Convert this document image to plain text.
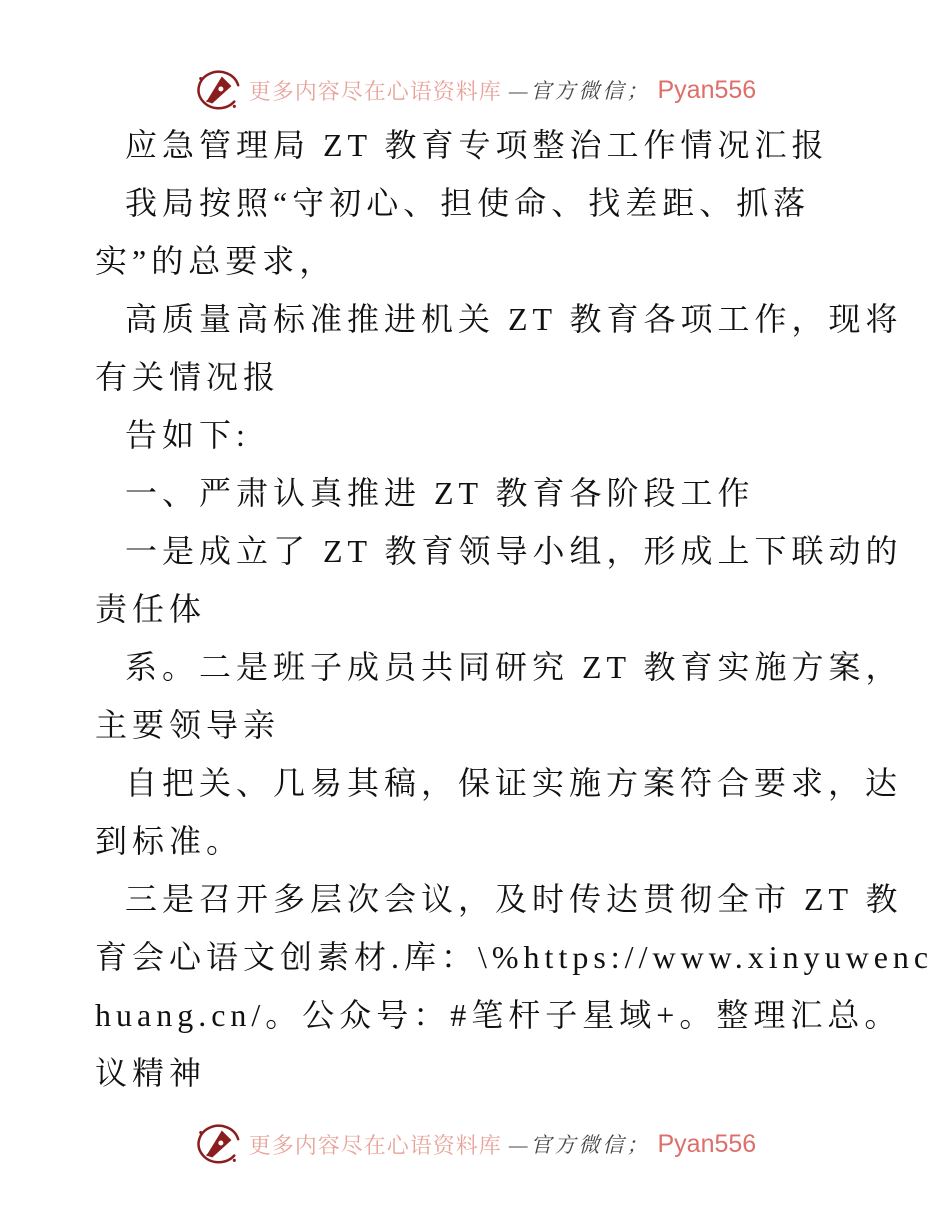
更多内容尽在心语资料库 —官方微信； Pyan556
应急管理局 ZT 教育专项整治工作情况汇报
我局按照“守初心、担使命、找差距、抓落
实”的总要求，
高质量高标准推进机关 ZT 教育各项工作，现将
有关情况报
告如下:
一、严肃认真推进 ZT 教育各阶段工作
一是成立了 ZT 教育领导小组，形成上下联动的
责任体
系。二是班子成员共同研究 ZT 教育实施方案，
主要领导亲
自把关、几易其稿，保证实施方案符合要求，达
到标准。
三是召开多层次会议，及时传达贯彻全市 ZT 教
育会心语文创素材.库：\%https://www.xinyuwenc
huang.cn/。公众号：#笔杆子星域+。整理汇总。
议精神
更多内容尽在心语资料库 —官方微信； Pyan556
